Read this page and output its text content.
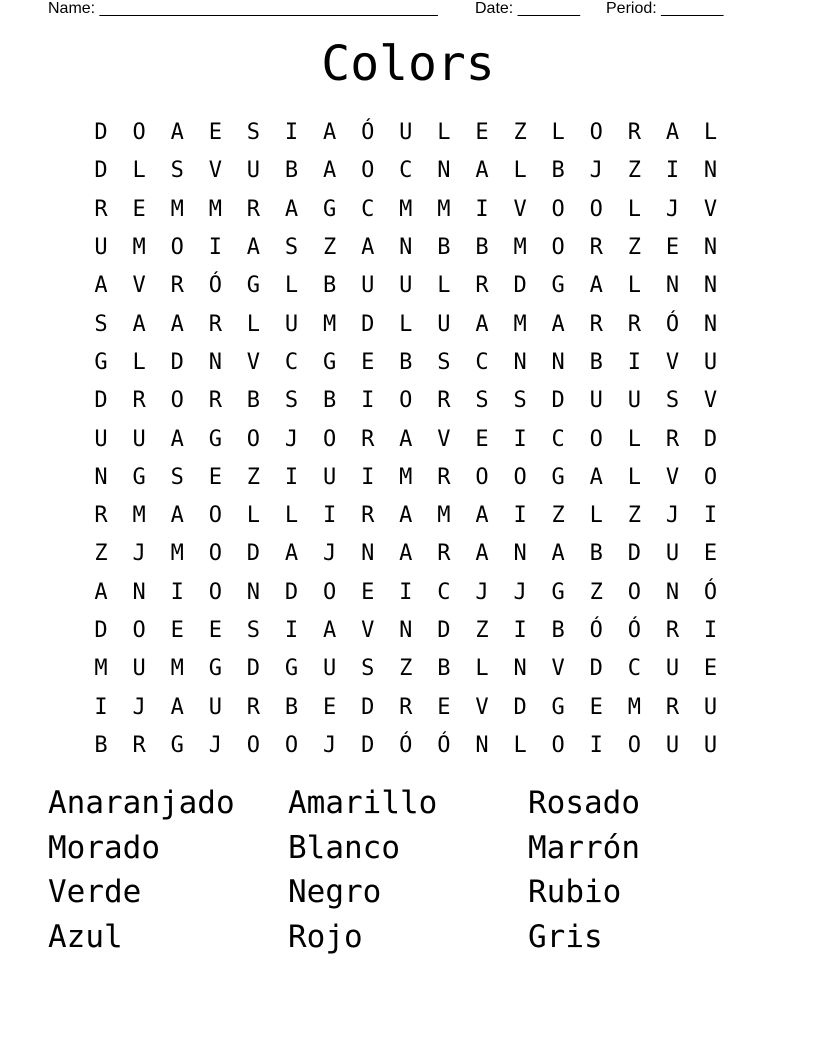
Name: ______________________________________ Date: _______ Period: _______
Colors
D	O	A	E	S	I	A	Ó	U	L	E	Z	L	O	R	A	L
D	L	S	V	U	B	A	O	C	N	A	L	B	J	Z	I	N
R	E	M	M	R	A	G	C	M	M	I	V	O	O	L	J	V
U	M	O	I	A	S	Z	A	N	B	B	M	O	R	Z	E	N
A	V	R	Ó	G	L	B	U	U	L	R	D	G	A	L	N	N
S	A	A	R	L	U	M	D	L	U	A	M	A	R	R	Ó	N
G	L	D	N	V	C	G	E	B	S	C	N	N	B	I	V	U
D	R	O	R	B	S	B	I	O	R	S	S	D	U	U	S	V
U	U	A	G	O	J	O	R	A	V	E	I	C	O	L	R	D
N	G	S	E	Z	I	U	I	M	R	O	O	G	A	L	V	O
R	M	A	O	L	L	I	R	A	M	A	I	Z	L	Z	J	I
Z	J	M	O	D	A	J	N	A	R	A	N	A	B	D	U	E
A	N	I	O	N	D	O	E	I	C	J	J	G	Z	O	N	Ó
D	O	E	E	S	I	A	V	N	D	Z	I	B	Ó	Ó	R	I
M	U	M	G	D	G	U	S	Z	B	L	N	V	D	C	U	E
I	J	A	U	R	B	E	D	R	E	V	D	G	E	M	R	U
B	R	G	J	O	O	J	D	Ó	Ó	N	L	O	I	O	U	U
Anaranjado	Amarillo	Rosado
Morado	Blanco	Marrón
Verde	Negro	Rubio
Azul	Rojo	Gris
